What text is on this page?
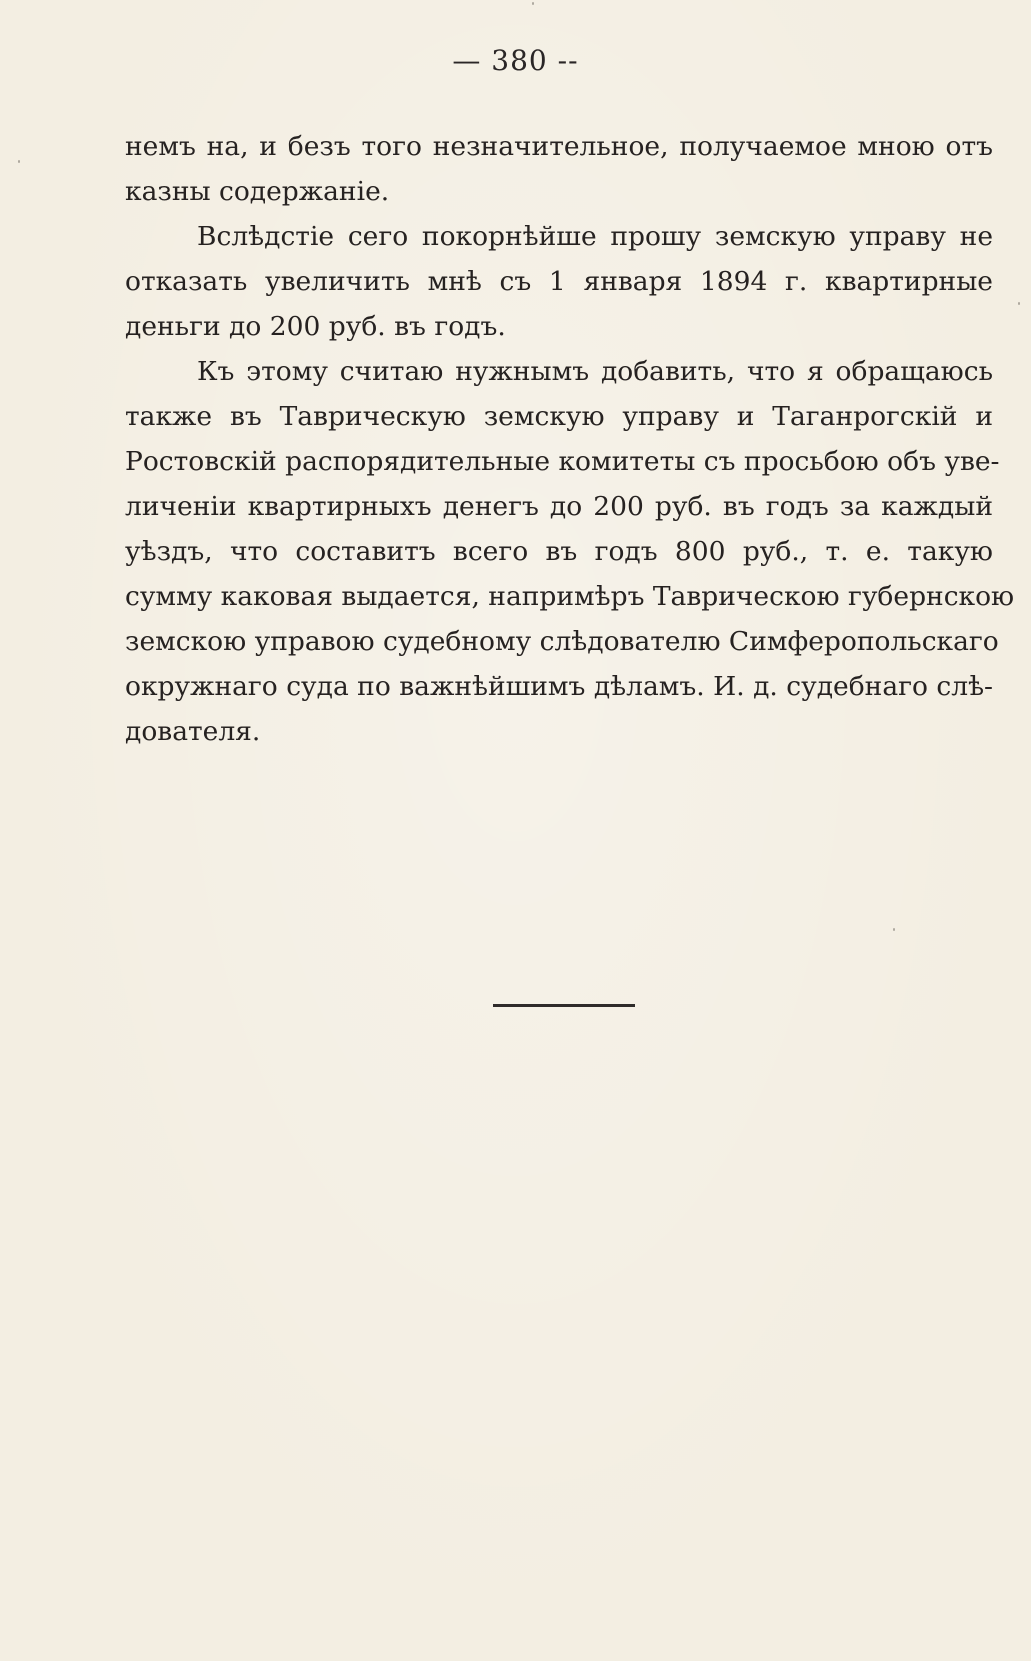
— 380 --
немъ на, и безъ того незначительное, получаемое мною отъ
казны содержаніе.
Вслѣдстіе сего покорнѣйше прошу земскую управу не
отказать увеличить мнѣ съ 1 января 1894 г. квартирные
деньги до 200 руб. въ годъ.
Къ этому считаю нужнымъ добавить, что я обращаюсь
также въ Таврическую земскую управу и Таганрогскій и
Ростовскій распорядительные комитеты съ просьбою объ уве-
личеніи квартирныхъ денегъ до 200 руб. въ годъ за каждый
уѣздъ, что составитъ всего въ годъ 800 руб., т. е. такую
сумму каковая выдается, напримѣръ Таврическою губернскою
земскою управою судебному слѣдователю Симферопольскаго
окружнаго суда по важнѣйшимъ дѣламъ. И. д. судебнаго слѣ-
дователя.
